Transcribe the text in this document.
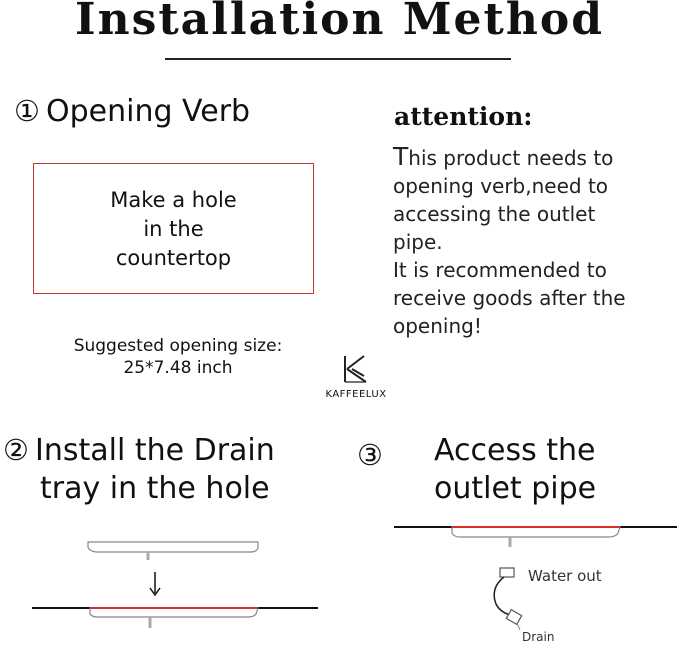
Installation Method
① Opening Verb
Make a hole
in the
countertop
Suggested opening size:
25*7.48 inch
KAFFEELUX
attention:
This product needs to
opening verb,need to
accessing the outlet
pipe.
It is recommended to
receive goods after the
opening!
② Install the Drain
tray in the hole
③ Access the
outlet pipe
Water out
Drain
